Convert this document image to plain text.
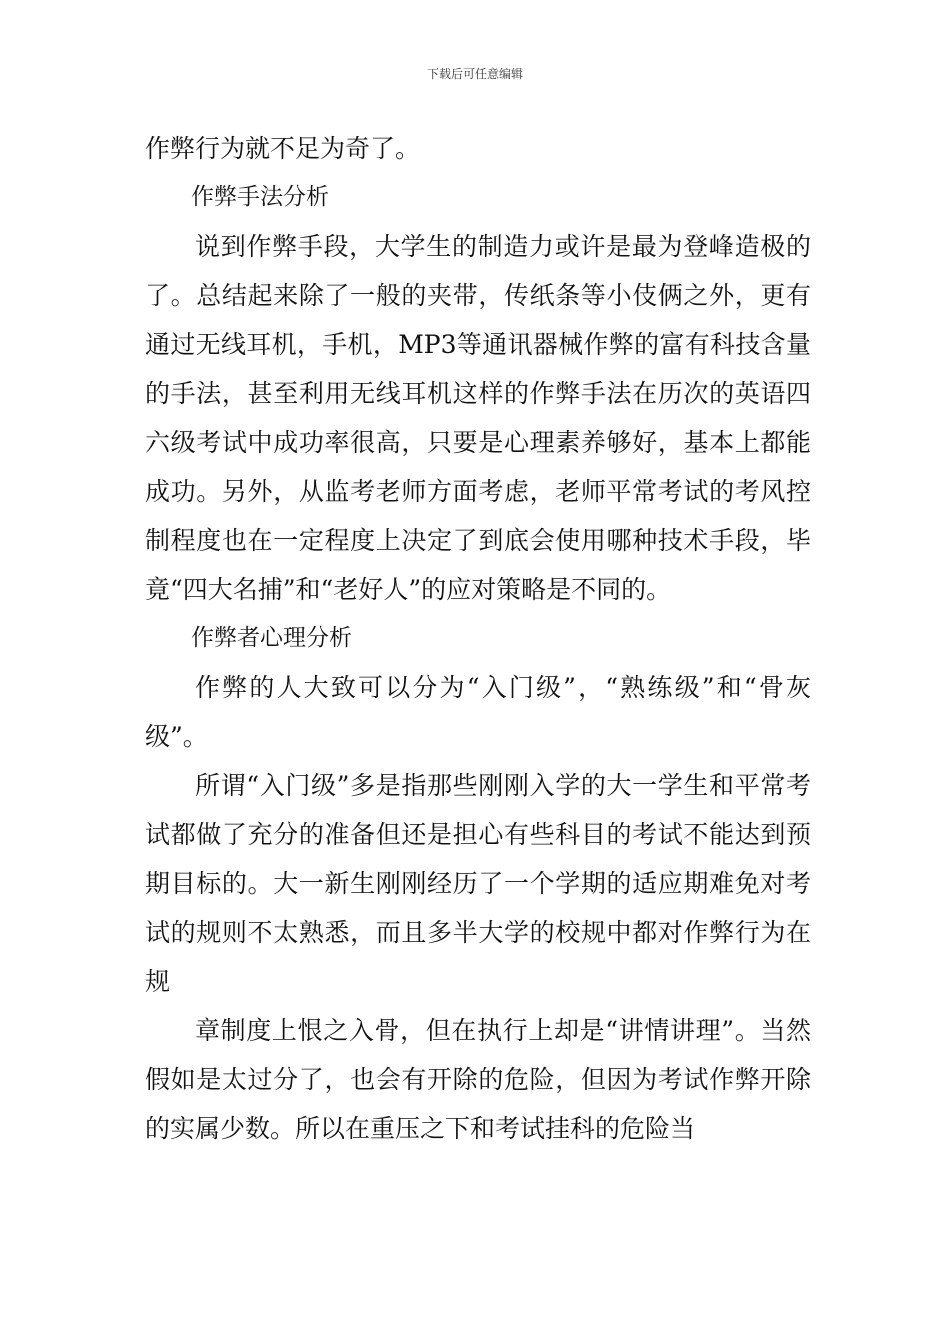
下载后可任意编辑

作弊行为就不足为奇了。

作弊手法分析

说到作弊手段，大学生的制造力或许是最为登峰造极的了。总结起来除了一般的夹带，传纸条等小伎俩之外，更有通过无线耳机，手机，MP3等通讯器械作弊的富有科技含量的手法，甚至利用无线耳机这样的作弊手法在历次的英语四六级考试中成功率很高，只要是心理素养够好，基本上都能成功。另外，从监考老师方面考虑，老师平常考试的考风控制程度也在一定程度上决定了到底会使用哪种技术手段，毕竟“四大名捕”和“老好人”的应对策略是不同的。

作弊者心理分析

作弊的人大致可以分为“入门级”，“熟练级”和“骨灰级”。

所谓“入门级”多是指那些刚刚入学的大一学生和平常考试都做了充分的准备但还是担心有些科目的考试不能达到预期目标的。大一新生刚刚经历了一个学期的适应期难免对考试的规则不太熟悉，而且多半大学的校规中都对作弊行为在规

章制度上恨之入骨，但在执行上却是“讲情讲理”。当然假如是太过分了，也会有开除的危险，但因为考试作弊开除的实属少数。所以在重压之下和考试挂科的危险当
